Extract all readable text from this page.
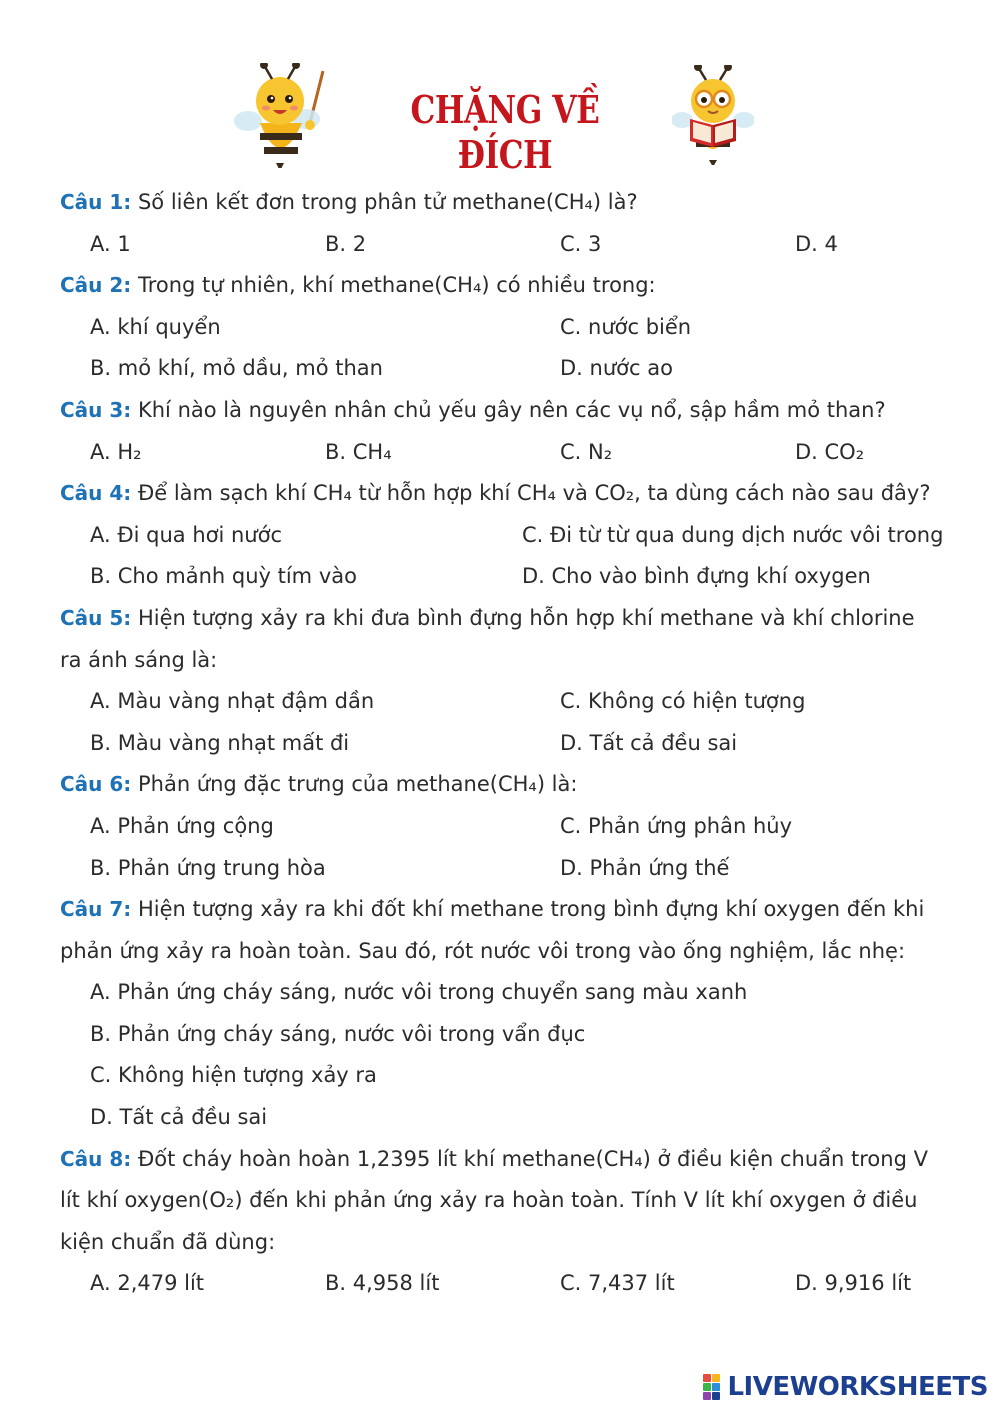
CHẶNG VỀ ĐÍCH

Câu 1: Số liên kết đơn trong phân tử methane(CH₄) là?

A. 1	B. 2	C. 3	D. 4

Câu 2: Trong tự nhiên, khí methane(CH₄) có nhiều trong:

A. khí quyển	C. nước biển
B. mỏ khí, mỏ dầu, mỏ than	D. nước ao

Câu 3: Khí nào là nguyên nhân chủ yếu gây nên các vụ nổ, sập hầm mỏ than?

A. H₂	B. CH₄	C. N₂	D. CO₂

Câu 4: Để làm sạch khí CH₄ từ hỗn hợp khí CH₄ và CO₂, ta dùng cách nào sau đây?

A. Đi qua hơi nước	C. Đi từ từ qua dung dịch nước vôi trong
B. Cho mảnh quỳ tím vào	D. Cho vào bình đựng khí oxygen

Câu 5: Hiện tượng xảy ra khi đưa bình đựng hỗn hợp khí methane và khí chlorine ra ánh sáng là:

A. Màu vàng nhạt đậm dần	C. Không có hiện tượng
B. Màu vàng nhạt mất đi	D. Tất cả đều sai

Câu 6: Phản ứng đặc trưng của methane(CH₄) là:

A. Phản ứng cộng	C. Phản ứng phân hủy
B. Phản ứng trung hòa	D. Phản ứng thế

Câu 7: Hiện tượng xảy ra khi đốt khí methane trong bình đựng khí oxygen đến khi phản ứng xảy ra hoàn toàn. Sau đó, rót nước vôi trong vào ống nghiệm, lắc nhẹ:

A. Phản ứng cháy sáng, nước vôi trong chuyển sang màu xanh
B. Phản ứng cháy sáng, nước vôi trong vẩn đục
C. Không hiện tượng xảy ra
D. Tất cả đều sai

Câu 8: Đốt cháy hoàn hoàn 1,2395 lít khí methane(CH₄) ở điều kiện chuẩn trong V lít khí oxygen(O₂) đến khi phản ứng xảy ra hoàn toàn. Tính V lít khí oxygen ở điều kiện chuẩn đã dùng:

A. 2,479 lít	B. 4,958 lít	C. 7,437 lít	D. 9,916 lít
LIVEWORKSHEETS
